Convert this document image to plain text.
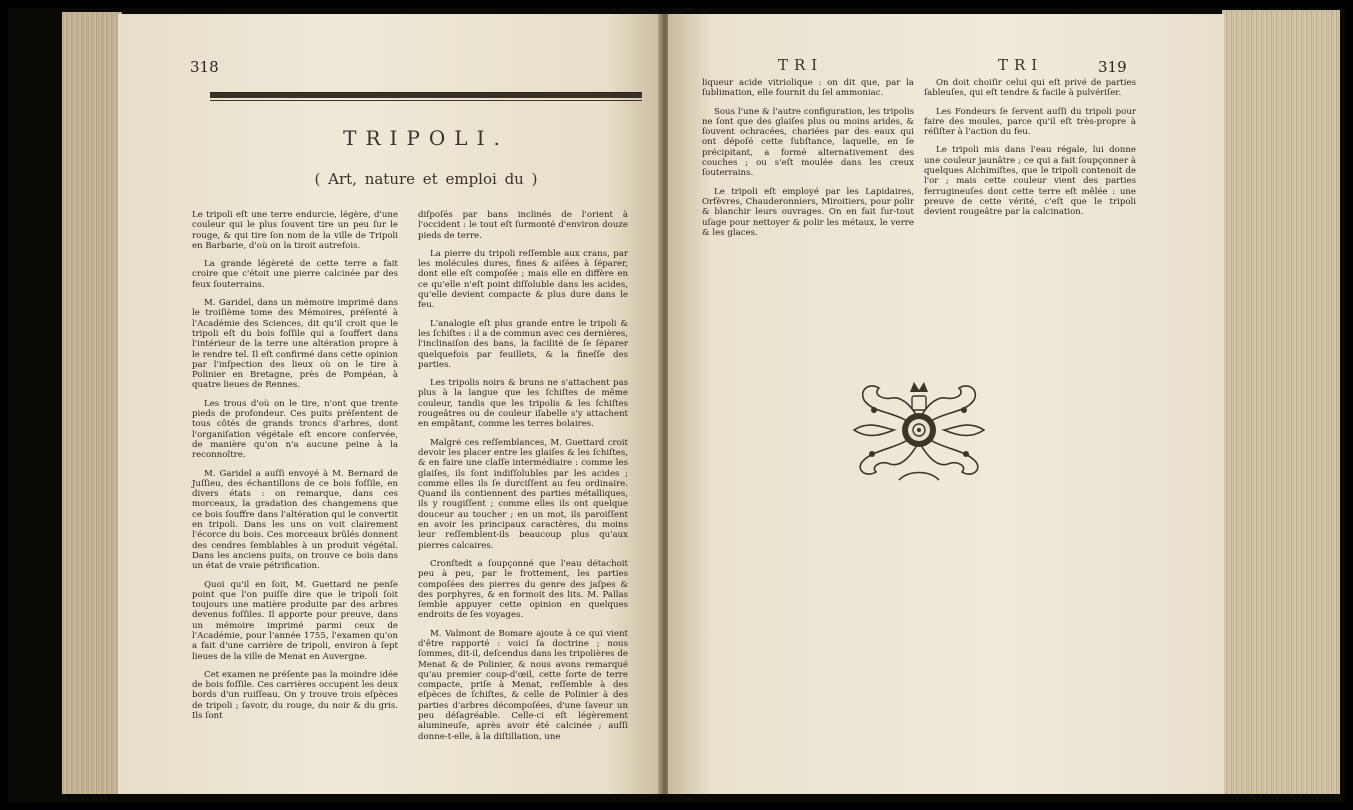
318
TRIPOLI.
( Art, nature et emploi du )

Le tripoli eſt une terre endurcie, légère, d'une couleur qui le plus ſouvent tire un peu ſur le rouge, & qui tire ſon nom de la ville de Tripoli en Barbarie, d'où on la tiroit autrefois.

La grande légèreté de cette terre a fait croire que c'étoit une pierre calcinée par des feux ſouterrains.

M. Garidel, dans un mémoire imprimé dans le troiſième tome des Mémoires, préſenté à l'Académie des Sciences, dit qu'il croit que le tripoli eſt du bois foſſile qui a ſouffert dans l'intérieur de la terre une altération propre à le rendre tel. Il eſt confirmé dans cette opinion par l'inſpection des lieux où on le tire à Polinier en Bretagne, près de Pompéan, à quatre lieues de Rennes.

Les trous d'où on le tire, n'ont que trente pieds de profondeur. Ces puits préſentent de tous côtés de grands troncs d'arbres, dont l'organiſation végétale eſt encore conſervée, de manière qu'on n'a aucune peine à la reconnoître.

M. Garidel a auſſi envoyé à M. Bernard de Juſſieu, des échantillons de ce bois foſſile, en divers états : on remarque, dans ces morceaux, la gradation des changemens que ce bois ſouffre dans l'altération qui le convertit en tripoli. Dans les uns on voit clairement l'écorce du bois. Ces morceaux brûlés donnent des cendres ſemblables à un produit végétal. Dans les anciens puits, on trouve ce bois dans un état de vraie pétrification.

Quoi qu'il en ſoit, M. Guettard ne penſe point que l'on puiſſe dire que le tripoli ſoit toujours une matière produite par des arbres devenus foſſiles. Il apporte pour preuve, dans un mémoire imprimé parmi ceux de l'Académie, pour l'année 1755, l'examen qu'on a fait d'une carrière de tripoli, environ à ſept lieues de la ville de Menat en Auvergne.

Cet examen ne préſente pas la moindre idée de bois foſſile. Ces carrières occupent les deux bords d'un ruiſſeau. On y trouve trois eſpèces de tripoli ; ſavoir, du rouge, du noir & du gris. Ils ſont

diſpoſés par bans inclinés de l'orient à l'occident : le tout eſt ſurmonté d'environ douze pieds de terre.

La pierre du tripoli reſſemble aux crans, par les molécules dures, fines & aiſées à ſéparer, dont elle eſt compoſée ; mais elle en diffère en ce qu'elle n'eſt point diſſoluble dans les acides, qu'elle devient compacte & plus dure dans le feu.

L'analogie eſt plus grande entre le tripoli & les ſchiſtes : il a de commun avec ces dernières, l'inclinaiſon des bans, la facilité de ſe ſéparer quelquefois par feuillets, & la fineſſe des parties.

Les tripolis noirs & bruns ne s'attachent pas plus à la langue que les ſchiſtes de même couleur, tandis que les tripolis & les ſchiſtes rougeâtres ou de couleur iſabelle s'y attachent en empâtant, comme les terres bolaires.

Malgré ces reſſemblances, M. Guettard croit devoir les placer entre les glaiſes & les ſchiſtes, & en faire une claſſe intermédiaire : comme les glaiſes, ils ſont indiſſolubles par les acides ; comme elles ils ſe durciſſent au feu ordinaire. Quand ils contiennent des parties métalliques, ils y rougiſſent ; comme elles ils ont quelque douceur au toucher ; en un mot, ils paroiſſent en avoir les principaux caractères, du moins leur reſſemblent-ils beaucoup plus qu'aux pierres calcaires.

Cronſtedt a ſoupçonné que l'eau détachoit peu à peu, par le frottement, les parties compoſées des pierres du genre des jaſpes & des porphyres, & en formoit des lits. M. Pallas ſemble appuyer cette opinion en quelques endroits de ſes voyages.

M. Valmont de Bomare ajoute à ce qui vient d'être rapporté : voici ſa doctrine ; nous ſommes, dit-il, deſcendus dans les tripolières de Menat & de Polinier, & nous avons remarqué qu'au premier coup-d'œil, cette ſorte de terre compacte, priſe à Menat, reſſemble à des eſpèces de ſchiſtes, & celle de Polinier à des parties d'arbres décompoſées, d'une ſaveur un peu déſagréable. Celle-ci eſt légèrement alumineuſe, après avoir été calcinée ; auſſi donne-t-elle, à la diſtillation, une

TRI	TRI	319

liqueur acide vitriolique : on dit que, par la ſublimation, elle fournit du ſel ammoniac.

Sous l'une & l'autre configuration, les tripolis ne ſont que des glaiſes plus ou moins arides, & ſouvent ochracées, chariées par des eaux qui ont dépoſé cette ſubſtance, laquelle, en ſe précipitant, a formé alternativement des couches ; ou s'eſt moulée dans les creux ſouterrains.

Le tripoli eſt employé par les Lapidaires, Orfèvres, Chauderonniers, Miroitiers, pour polir & blanchir leurs ouvrages. On en fait ſur-tout uſage pour nettoyer & polir les métaux, le verre & les glaces.

On doit choiſir celui qui eſt privé de parties ſableuſes, qui eſt tendre & facile à pulvériſer.

Les Fondeurs ſe ſervent auſſi du tripoli pour faire des moules, parce qu'il eſt très-propre à réſiſter à l'action du feu.

Le tripoli mis dans l'eau régale, lui donne une couleur jaunâtre ; ce qui a fait ſoupçonner à quelques Alchimiſtes, que le tripoli contenoit de l'or ; mais cette couleur vient des parties ferrugineuſes dont cette terre eſt mêlée : une preuve de cette vérité, c'eſt que le tripoli devient rougeâtre par la calcination.
